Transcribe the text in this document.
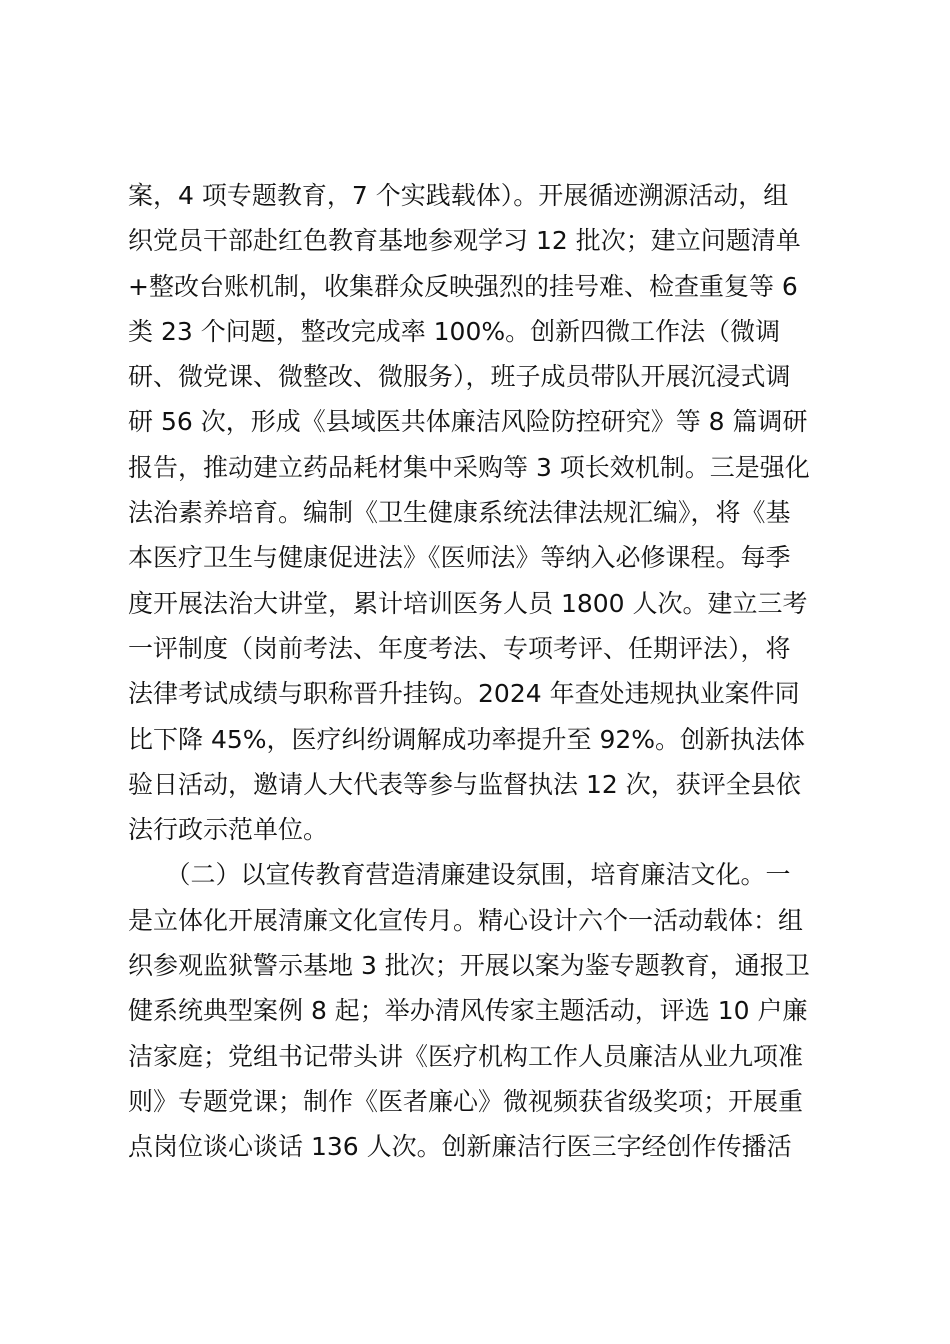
案，4 项专题教育，7 个实践载体）。开展循迹溯源活动，组
织党员干部赴红色教育基地参观学习 12 批次；建立问题清单
+整改台账机制，收集群众反映强烈的挂号难、检查重复等 6
类 23 个问题，整改完成率 100%。创新四微工作法（微调
研、微党课、微整改、微服务），班子成员带队开展沉浸式调
研 56 次，形成《县域医共体廉洁风险防控研究》等 8 篇调研
报告，推动建立药品耗材集中采购等 3 项长效机制。三是强化
法治素养培育。编制《卫生健康系统法律法规汇编》，将《基
本医疗卫生与健康促进法》《医师法》等纳入必修课程。每季
度开展法治大讲堂，累计培训医务人员 1800 人次。建立三考
一评制度（岗前考法、年度考法、专项考评、任期评法），将
法律考试成绩与职称晋升挂钩。2024 年查处违规执业案件同
比下降 45%，医疗纠纷调解成功率提升至 92%。创新执法体
验日活动，邀请人大代表等参与监督执法 12 次，获评全县依
法行政示范单位。
　　（二）以宣传教育营造清廉建设氛围，培育廉洁文化。一
是立体化开展清廉文化宣传月。精心设计六个一活动载体：组
织参观监狱警示基地 3 批次；开展以案为鉴专题教育，通报卫
健系统典型案例 8 起；举办清风传家主题活动，评选 10 户廉
洁家庭；党组书记带头讲《医疗机构工作人员廉洁从业九项准
则》专题党课；制作《医者廉心》微视频获省级奖项；开展重
点岗位谈心谈话 136 人次。创新廉洁行医三字经创作传播活
